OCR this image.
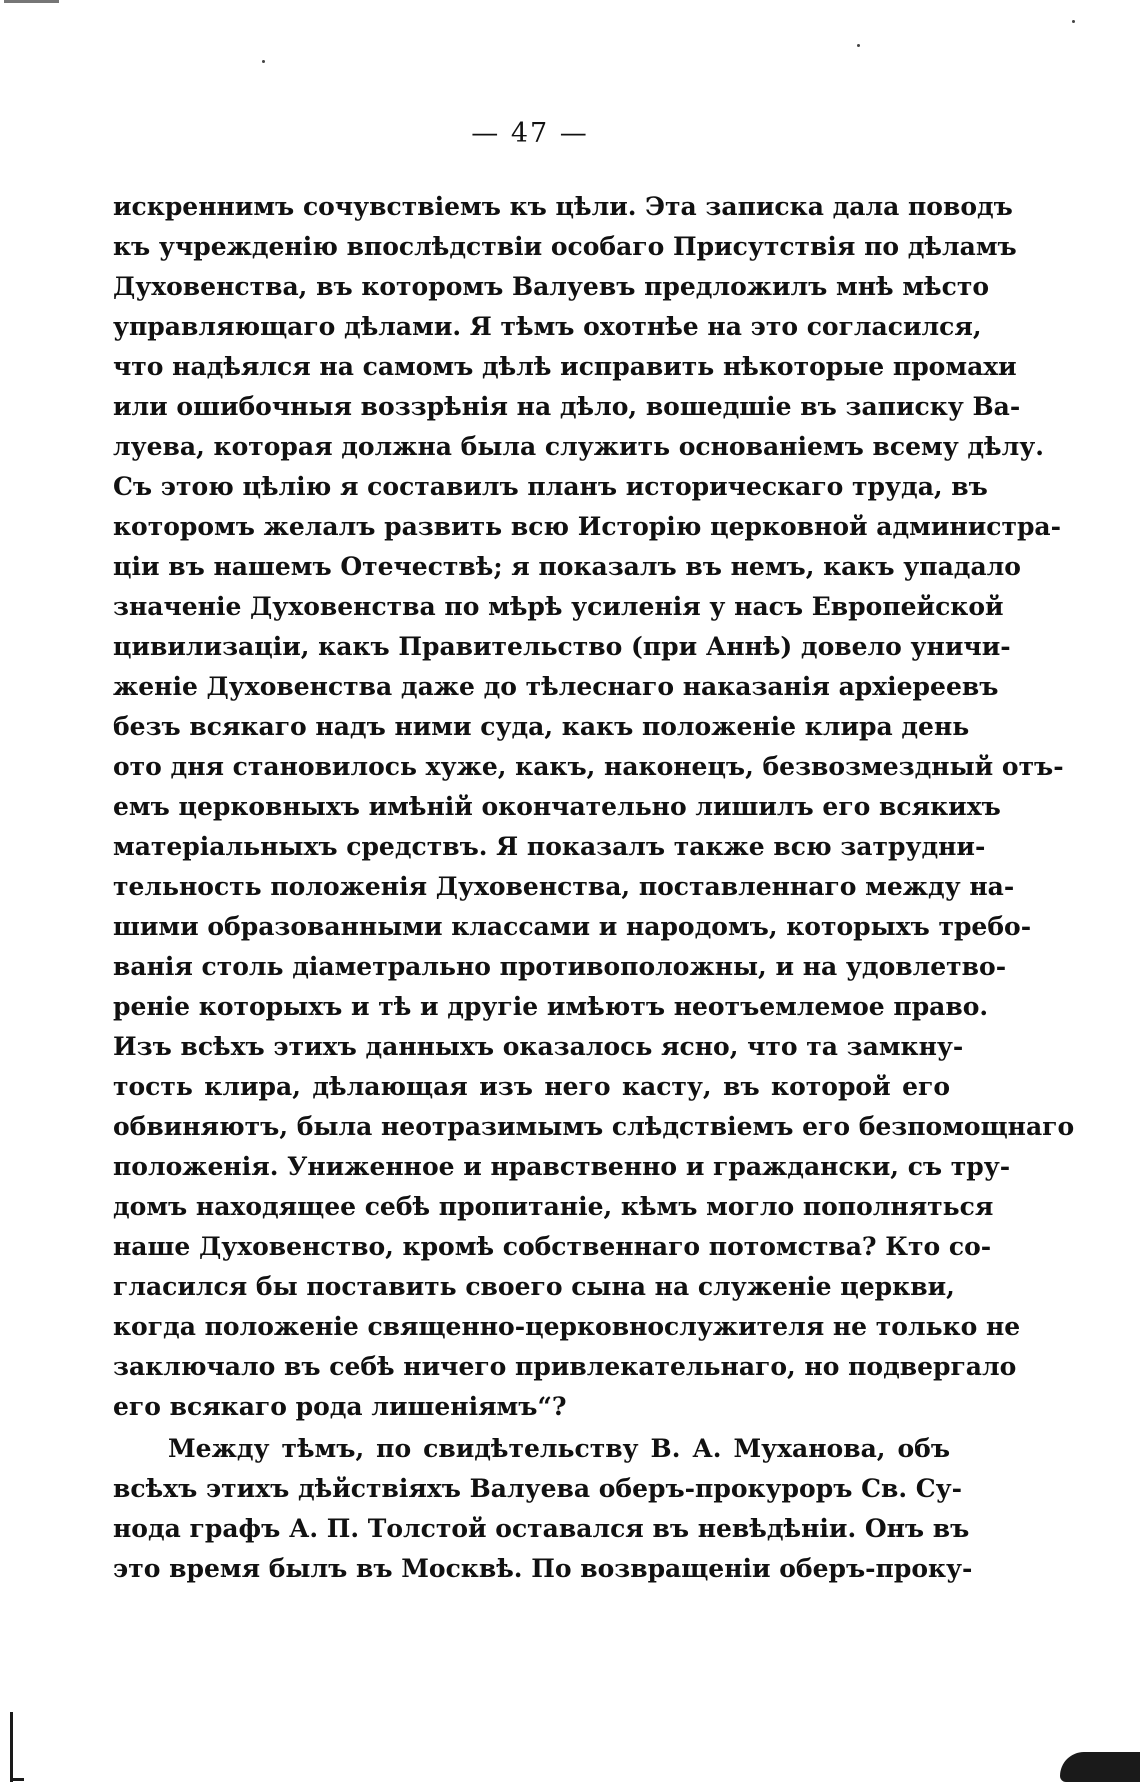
— 47 —
искреннимъ сочувствіемъ къ цѣли. Эта записка дала поводъ
къ учрежденію впослѣдствіи особаго Присутствія по дѣламъ
Духовенства, въ которомъ Валуевъ предложилъ мнѣ мѣсто
управляющаго дѣлами. Я тѣмъ охотнѣе на это согласился,
что надѣялся на самомъ дѣлѣ исправить нѣкоторые промахи
или ошибочныя воззрѣнія на дѣло, вошедшіе въ записку Ва-
луева, которая должна была служить основаніемъ всему дѣлу.
Съ этою цѣлію я составилъ планъ историческаго труда, въ
которомъ желалъ развить всю Исторію церковной администра-
ціи въ нашемъ Отечествѣ; я показалъ въ немъ, какъ упадало
значеніе Духовенства по мѣрѣ усиленія у насъ Европейской
цивилизаціи, какъ Правительство (при Аннѣ) довело уничи-
женіе Духовенства даже до тѣлеснаго наказанія архіереевъ
безъ всякаго надъ ними суда, какъ положеніе клира день
ото дня становилось хуже, какъ, наконецъ, безвозмездный отъ-
емъ церковныхъ имѣній окончательно лишилъ его всякихъ
матеріальныхъ средствъ. Я показалъ также всю затрудни-
тельность положенія Духовенства, поставленнаго между на-
шими образованными классами и народомъ, которыхъ требо-
ванія столь діаметрально противоположны, и на удовлетво-
реніе которыхъ и тѣ и другіе имѣютъ неотъемлемое право.
Изъ всѣхъ этихъ данныхъ оказалось ясно, что та замкну-
тость клира, дѣлающая изъ него касту, въ которой его
обвиняютъ, была неотразимымъ слѣдствіемъ его безпомощнаго
положенія. Униженное и нравственно и граждански, съ тру-
домъ находящее себѣ пропитаніе, кѣмъ могло пополняться
наше Духовенство, кромѣ собственнаго потомства? Кто со-
гласился бы поставить своего сына на служеніе церкви,
когда положеніе священно-церковнослужителя не только не
заключало въ себѣ ничего привлекательнаго, но подвергало
его всякаго рода лишеніямъ“?
Между тѣмъ, по свидѣтельству В. А. Муханова, объ
всѣхъ этихъ дѣйствіяхъ Валуева оберъ-прокуроръ Св. Су-
нода графъ А. П. Толстой оставался въ невѣдѣніи. Онъ въ
это время былъ въ Москвѣ. По возвращеніи оберъ-проку-
